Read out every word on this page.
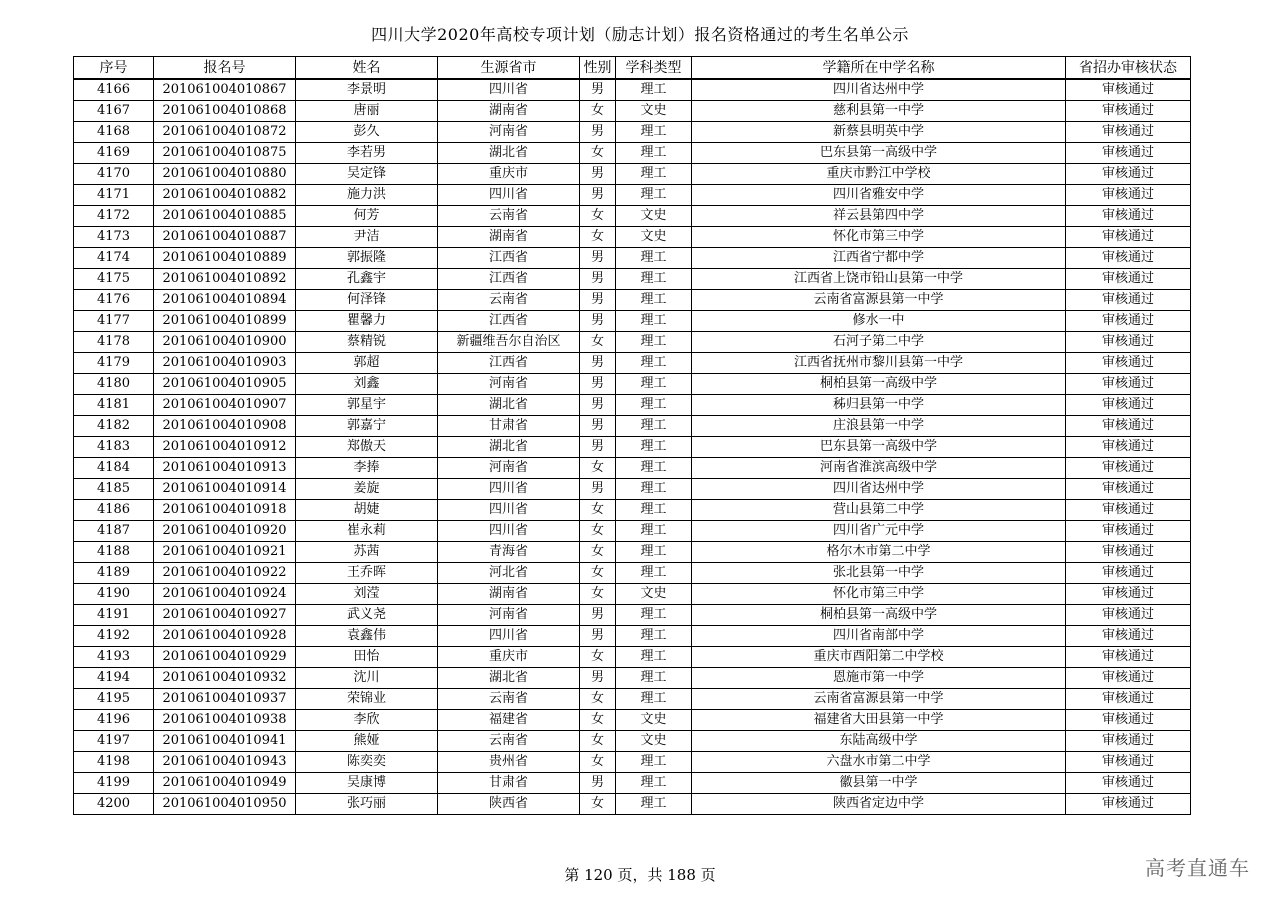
四川大学2020年高校专项计划（励志计划）报名资格通过的考生名单公示
序号	报名号	姓名	生源省市	性别	学科类型	学籍所在中学名称	省招办审核状态
4166	201061004010867	李景明	四川省	男	理工	四川省达州中学	审核通过
4167	201061004010868	唐丽	湖南省	女	文史	慈利县第一中学	审核通过
4168	201061004010872	彭久	河南省	男	理工	新蔡县明英中学	审核通过
4169	201061004010875	李若男	湖北省	女	理工	巴东县第一高级中学	审核通过
4170	201061004010880	吴定锋	重庆市	男	理工	重庆市黔江中学校	审核通过
4171	201061004010882	施力洪	四川省	男	理工	四川省雅安中学	审核通过
4172	201061004010885	何芳	云南省	女	文史	祥云县第四中学	审核通过
4173	201061004010887	尹洁	湖南省	女	文史	怀化市第三中学	审核通过
4174	201061004010889	郭振隆	江西省	男	理工	江西省宁都中学	审核通过
4175	201061004010892	孔鑫宇	江西省	男	理工	江西省上饶市铅山县第一中学	审核通过
4176	201061004010894	何泽锋	云南省	男	理工	云南省富源县第一中学	审核通过
4177	201061004010899	瞿馨力	江西省	男	理工	修水一中	审核通过
4178	201061004010900	蔡精锐	新疆维吾尔自治区	女	理工	石河子第二中学	审核通过
4179	201061004010903	郭超	江西省	男	理工	江西省抚州市黎川县第一中学	审核通过
4180	201061004010905	刘鑫	河南省	男	理工	桐柏县第一高级中学	审核通过
4181	201061004010907	郭星宇	湖北省	男	理工	秭归县第一中学	审核通过
4182	201061004010908	郭嘉宁	甘肃省	男	理工	庄浪县第一中学	审核通过
4183	201061004010912	郑傲天	湖北省	男	理工	巴东县第一高级中学	审核通过
4184	201061004010913	李捧	河南省	女	理工	河南省淮滨高级中学	审核通过
4185	201061004010914	姜旋	四川省	男	理工	四川省达州中学	审核通过
4186	201061004010918	胡婕	四川省	女	理工	营山县第二中学	审核通过
4187	201061004010920	崔永莉	四川省	女	理工	四川省广元中学	审核通过
4188	201061004010921	苏茜	青海省	女	理工	格尔木市第二中学	审核通过
4189	201061004010922	王乔晖	河北省	女	理工	张北县第一中学	审核通过
4190	201061004010924	刘滢	湖南省	女	文史	怀化市第三中学	审核通过
4191	201061004010927	武义尧	河南省	男	理工	桐柏县第一高级中学	审核通过
4192	201061004010928	袁鑫伟	四川省	男	理工	四川省南部中学	审核通过
4193	201061004010929	田怡	重庆市	女	理工	重庆市酉阳第二中学校	审核通过
4194	201061004010932	沈川	湖北省	男	理工	恩施市第一中学	审核通过
4195	201061004010937	荣锦业	云南省	女	理工	云南省富源县第一中学	审核通过
4196	201061004010938	李欣	福建省	女	文史	福建省大田县第一中学	审核通过
4197	201061004010941	熊娅	云南省	女	文史	东陆高级中学	审核通过
4198	201061004010943	陈奕奕	贵州省	女	理工	六盘水市第二中学	审核通过
4199	201061004010949	吴康博	甘肃省	男	理工	徽县第一中学	审核通过
4200	201061004010950	张巧丽	陕西省	女	理工	陕西省定边中学	审核通过
第 120 页，共 188 页	高考直通车
